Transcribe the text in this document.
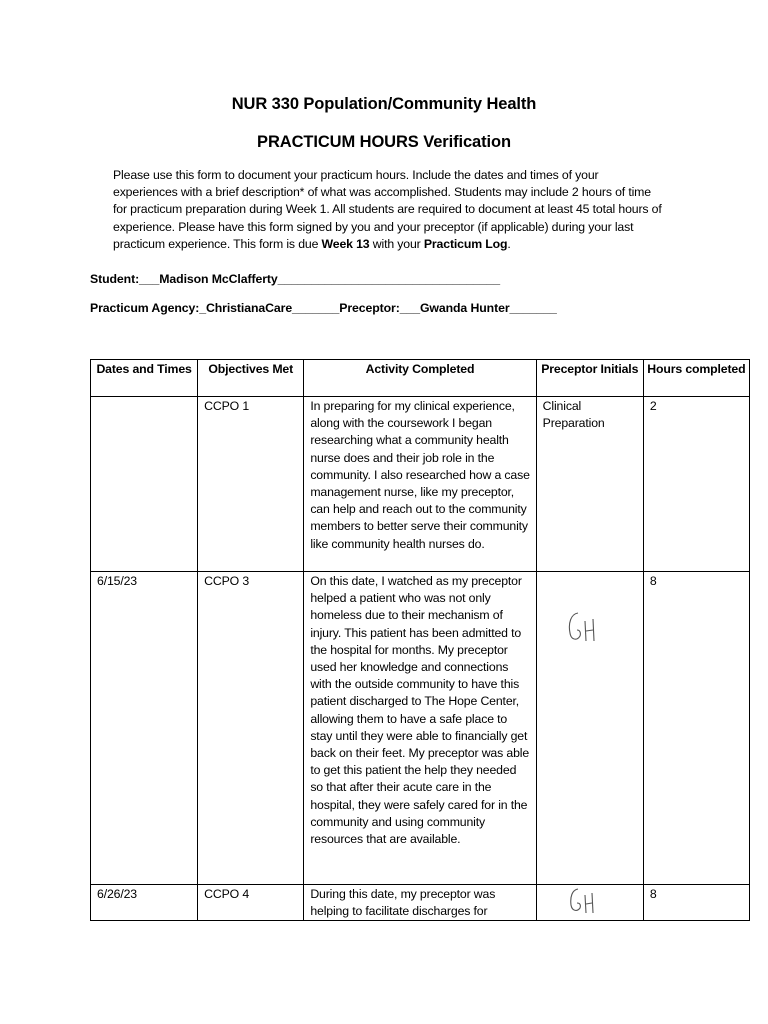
NUR 330 Population/Community Health
PRACTICUM HOURS Verification
Please use this form to document your practicum hours. Include the dates and times of your experiences with a brief description* of what was accomplished. Students may include 2 hours of time for practicum preparation during Week 1. All students are required to document at least 45 total hours of experience. Please have this form signed by you and your preceptor (if applicable) during your last practicum experience. This form is due Week 13 with your Practicum Log.
Student:___Madison McClafferty_________________________________
Practicum Agency:_ChristianaCare_______Preceptor:___Gwanda Hunter_______
Dates and Times	Objectives Met	Activity Completed	Preceptor Initials	Hours completed
	CCPO 1	In preparing for my clinical experience, along with the coursework I began researching what a community health nurse does and their job role in the community. I also researched how a case management nurse, like my preceptor, can help and reach out to the community members to better serve their community like community health nurses do.	Clinical Preparation	2
6/15/23	CCPO 3	On this date, I watched as my preceptor helped a patient who was not only homeless due to their mechanism of injury. This patient has been admitted to the hospital for months. My preceptor used her knowledge and connections with the outside community to have this patient discharged to The Hope Center, allowing them to have a safe place to stay until they were able to financially get back on their feet. My preceptor was able to get this patient the help they needed so that after their acute care in the hospital, they were safely cared for in the community and using community resources that are available.		8
6/26/23	CCPO 4	During this date, my preceptor was helping to facilitate discharges for		8
